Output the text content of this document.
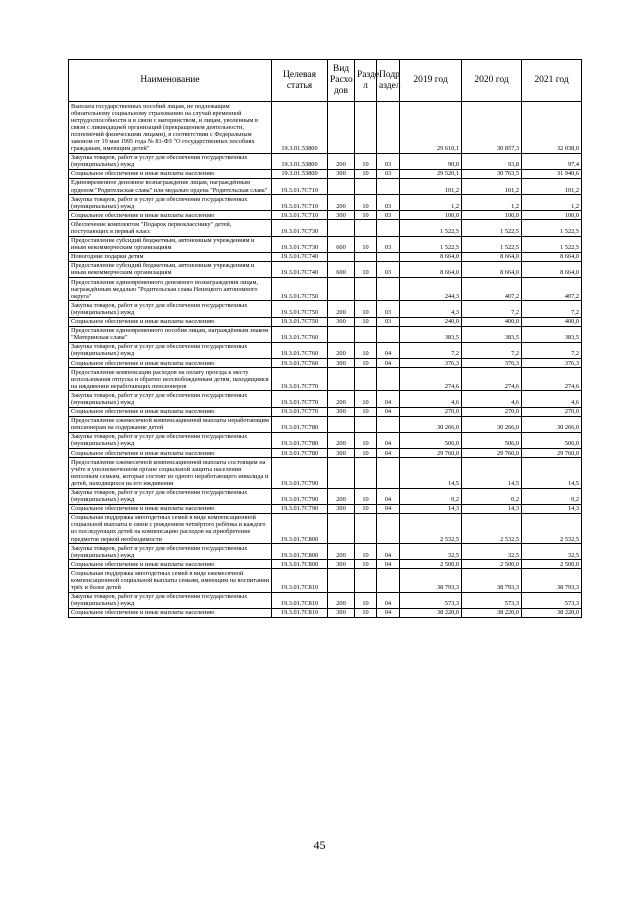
Наименование	Целевая статья	Вид Расхо дов	Разде л	Подр аздел	2019 год	2020 год	2021 год
Выплата государственных пособий лицам, не подлежащим обязательному социальному страхованию на случай временной нетрудоспособности и в связи с материнством, и лицам, уволенным в связи с ликвидацией организаций (прекращением деятельности, полномочий физическими лицами), в соответствии с Федеральным законом от 19 мая 1995 года № 81-ФЗ "О государственных пособиях гражданам, имеющим детей"	19.3.01.53800				29 610,1	30 857,3	32 038,0
Закупка товаров, работ и услуг для обеспечения государственных (муниципальных) нужд	19.3.01.53800	200	10	03	90,0	93,8	97,4
Социальное обеспечение и иные выплаты населению	19.3.01.53800	300	10	03	29 520,1	30 763,5	31 940,6
Единовременное денежное вознаграждение лицам, награждённым орденом "Родительская слава" или медалью ордена "Родительская слава"	19.3.01.7С710				101,2	101,2	101,2
Закупка товаров, работ и услуг для обеспечения государственных (муниципальных) нужд	19.3.01.7С710	200	10	03	1,2	1,2	1,2
Социальное обеспечение и иные выплаты населению	19.3.01.7С710	300	10	03	100,0	100,0	100,0
Обеспечение комплектом "Подарок первокласснику" детей, поступающих в первый класс	19.3.01.7С730				1 522,5	1 522,5	1 522,5
Предоставление субсидий бюджетным, автономным учреждениям и иным некоммерческим организациям	19.3.01.7С730	600	10	03	1 522,5	1 522,5	1 522,5
Новогодние подарки детям	19.3.01.7С740				8 664,0	8 664,0	8 664,0
Предоставление субсидий бюджетным, автономным учреждениям и иным некоммерческим организациям	19.3.01.7С740	600	10	03	8 664,0	8 664,0	8 664,0
Предоставление единовременного денежного вознаграждения лицам, награждённым медалью "Родительская слава Ненецкого автономного округа"	19.3.01.7С750				244,3	407,2	407,2
Закупка товаров, работ и услуг для обеспечения государственных (муниципальных) нужд	19.3.01.7С750	200	10	03	4,3	7,2	7,2
Социальное обеспечение и иные выплаты населению	19.3.01.7С750	300	10	03	240,0	400,0	400,0
Предоставление единовременного пособия лицам, награждённым знаком "Материнская слава"	19.3.01.7С760				383,5	383,5	383,5
Закупка товаров, работ и услуг для обеспечения государственных (муниципальных) нужд	19.3.01.7С760	200	10	04	7,2	7,2	7,2
Социальное обеспечение и иные выплаты населению	19.3.01.7С760	300	10	04	376,3	376,3	376,3
Предоставление компенсации расходов на оплату проезда к месту использования отпуска и обратно неосвобожденным детям, находящимся на иждивении неработающих пенсионеров	19.3.01.7С770				274,6	274,6	274,6
Закупка товаров, работ и услуг для обеспечения государственных (муниципальных) нужд	19.3.01.7С770	200	10	04	4,6	4,6	4,6
Социальное обеспечение и иные выплаты населению	19.3.01.7С770	300	10	04	270,0	270,0	270,0
Предоставление ежемесячной компенсационной выплаты неработающим пенсионерам на содержание детей	19.3.01.7С780				30 266,0	30 266,0	30 266,0
Закупка товаров, работ и услуг для обеспечения государственных (муниципальных) нужд	19.3.01.7С780	200	10	04	506,0	506,0	506,0
Социальное обеспечение и иные выплаты населению	19.3.01.7С780	300	10	04	29 760,0	29 760,0	29 760,0
Предоставление ежемесячной компенсационной выплаты состоящим на учёте в уполномоченном органе социальной защиты населения неполным семьям, которые состоят из одного неработающего инвалида и детей, находящихся на его иждивении	19.3.01.7С790				14,5	14,5	14,5
Закупка товаров, работ и услуг для обеспечения государственных (муниципальных) нужд	19.3.01.7С790	200	10	04	0,2	0,2	0,2
Социальное обеспечение и иные выплаты населению	19.3.01.7С790	300	10	04	14,3	14,3	14,3
Социальная поддержка многодетных семей в виде компенсационной социальной выплаты в связи с рождением четвёртого ребёнка и каждого из последующих детей на компенсацию расходов на приобретение предметов первой необходимости	19.3.01.7С800				2 532,5	2 532,5	2 532,5
Закупка товаров, работ и услуг для обеспечения государственных (муниципальных) нужд	19.3.01.7С800	200	10	04	32,5	32,5	32,5
Социальное обеспечение и иные выплаты населению	19.3.01.7С800	300	10	04	2 500,0	2 500,0	2 500,0
Социальная поддержка многодетных семей в виде ежемесячной компенсационной социальной выплаты семьям, имеющим на воспитании трёх и более детей	19.3.01.7С810				38 793,3	38 793,3	38 793,3
Закупка товаров, работ и услуг для обеспечения государственных (муниципальных) нужд	19.3.01.7С810	200	10	04	573,3	573,3	573,3
Социальное обеспечение и иные выплаты населению	19.3.01.7С810	300	10	04	38 220,0	38 220,0	38 220,0
45
